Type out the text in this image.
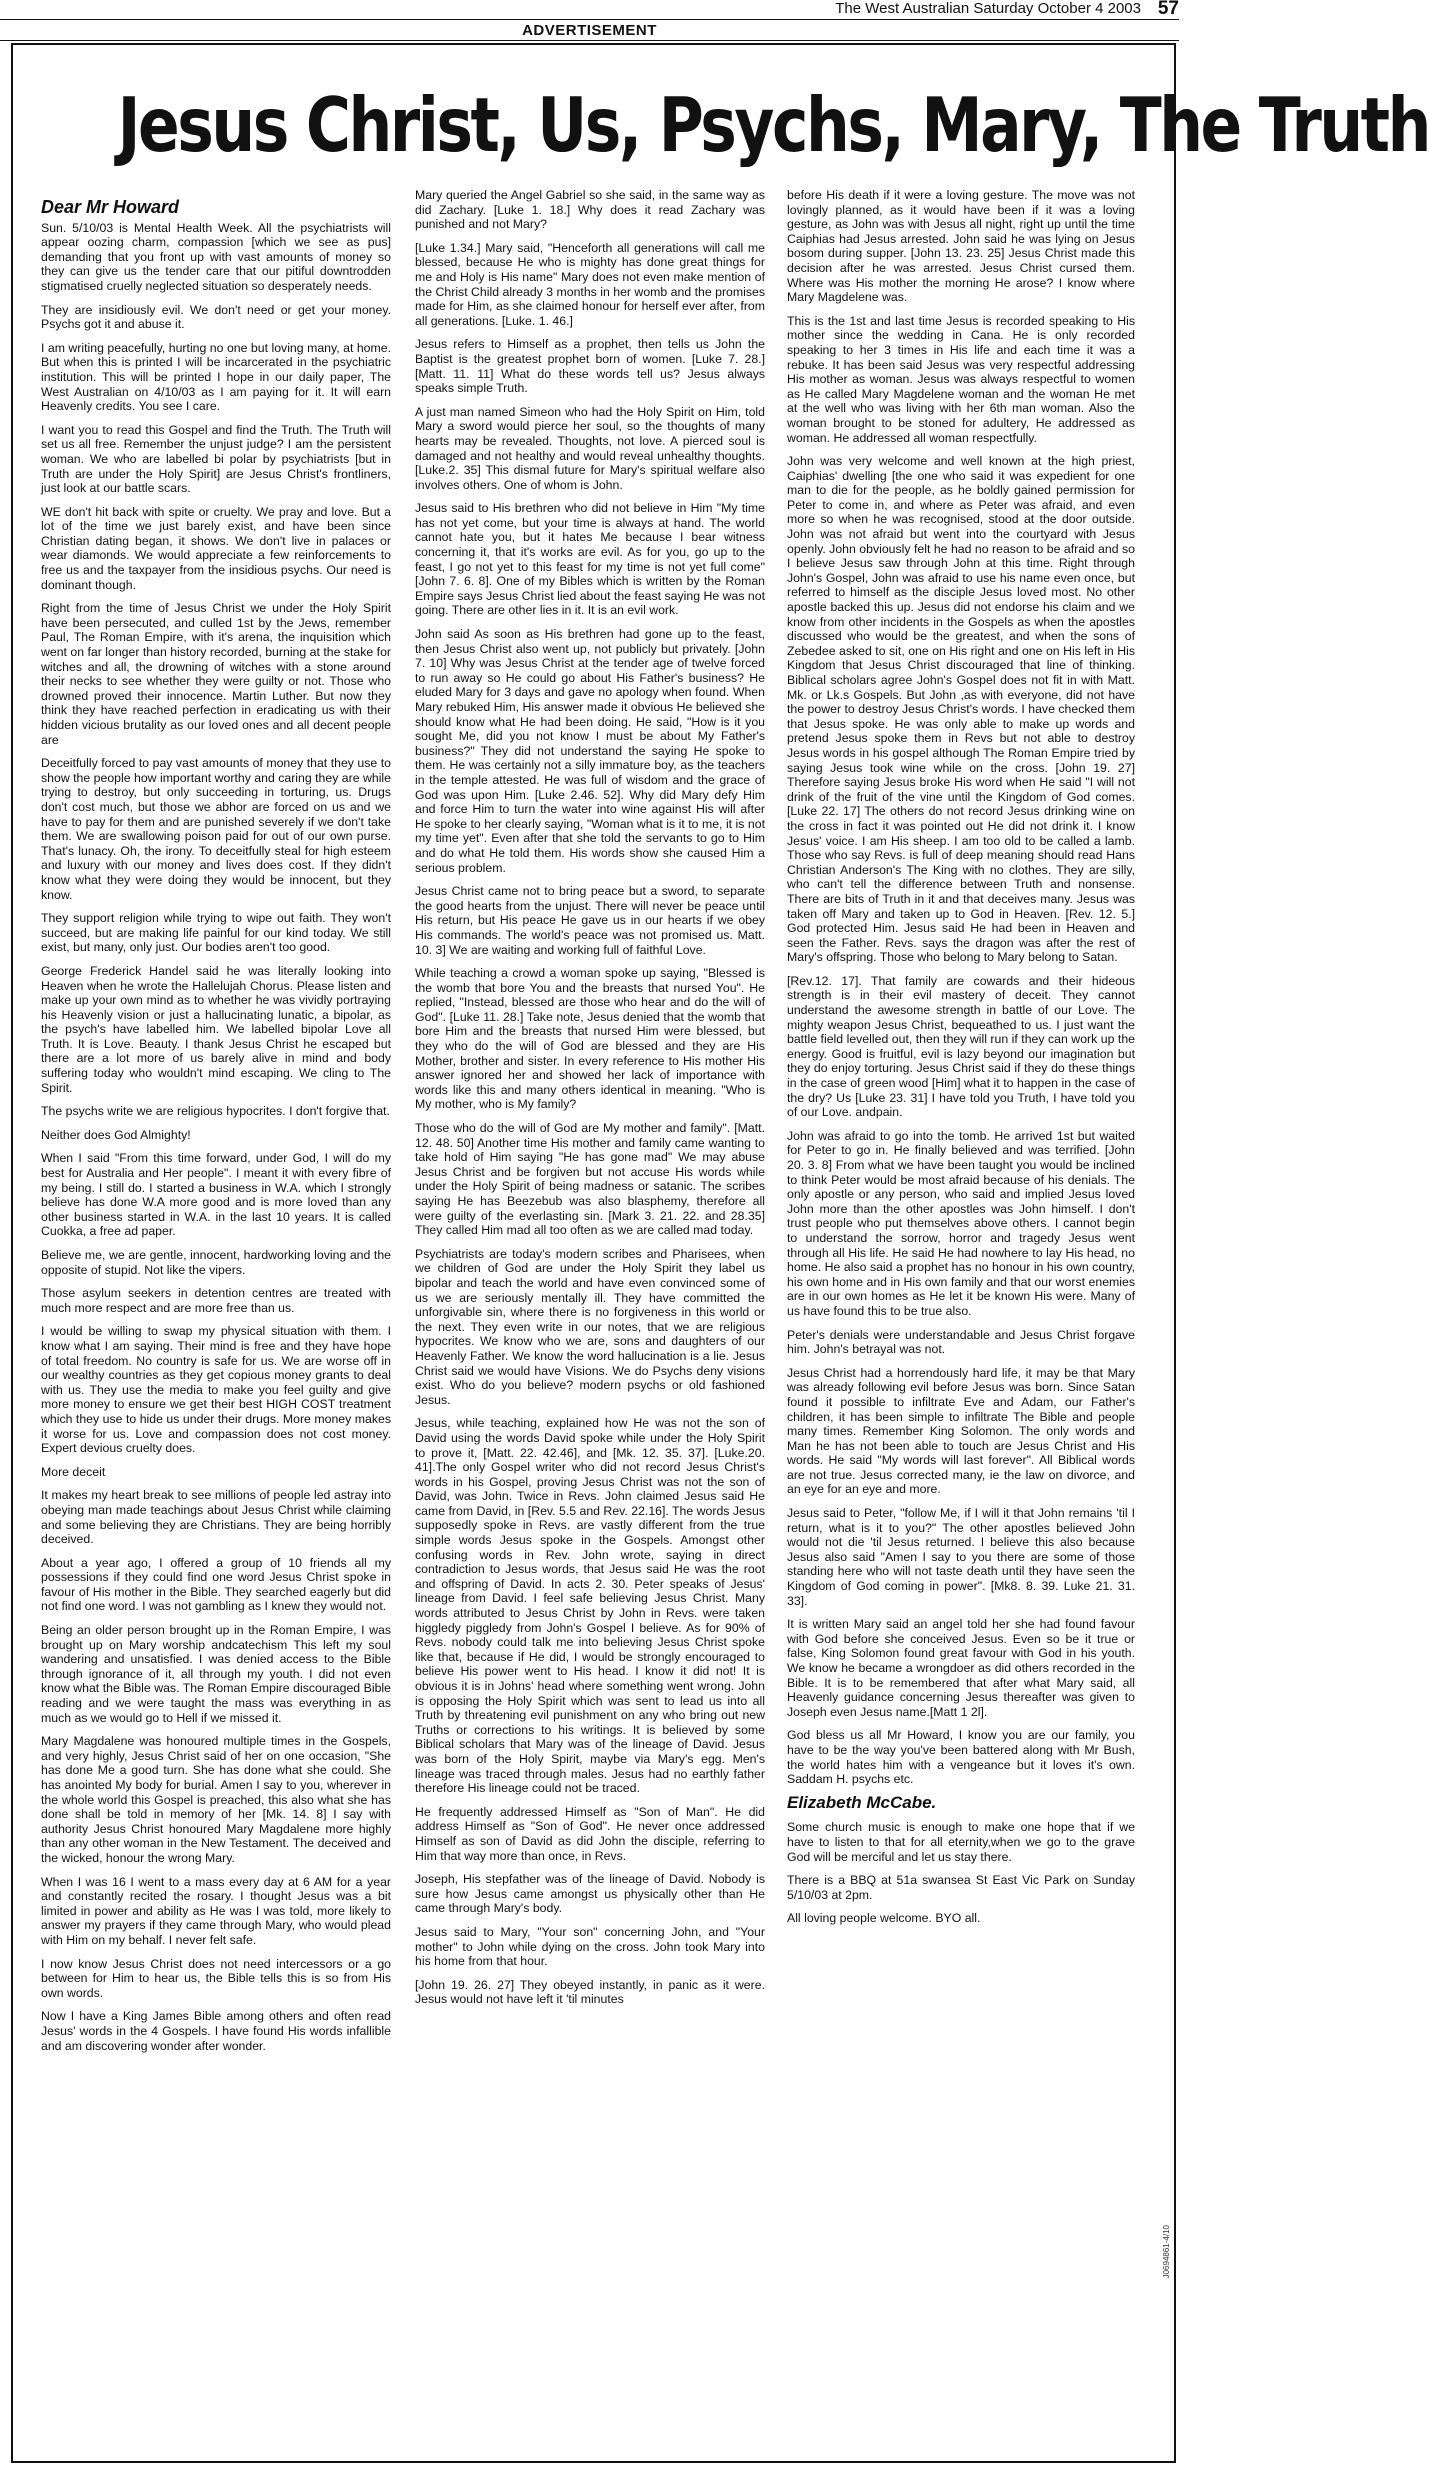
The West Australian Saturday October 4 2003 57
ADVERTISEMENT
Jesus Christ, Us, Psychs, Mary, The Truth
Dear Mr Howard

Sun. 5/10/03 is Mental Health Week. All the psychiatrists will appear oozing charm, compassion [which we see as pus] demanding that you front up with vast amounts of money so they can give us the tender care that our pitiful downtrodden stigmatised cruelly neglected situation so desperately needs.

They are insidiously evil. We don't need or get your money. Psychs got it and abuse it.

I am writing peacefully, hurting no one but loving many, at home. But when this is printed I will be incarcerated in the psychiatric institution. This will be printed I hope in our daily paper, The West Australian on 4/10/03 as I am paying for it. It will earn Heavenly credits. You see I care.

I want you to read this Gospel and find the Truth. The Truth will set us all free. Remember the unjust judge? I am the persistent woman. We who are labelled bi polar by psychiatrists [but in Truth are under the Holy Spirit] are Jesus Christ's frontliners, just look at our battle scars.

WE don't hit back with spite or cruelty. We pray and love. But a lot of the time we just barely exist, and have been since Christian dating began, it shows. We don't live in palaces or wear diamonds. We would appreciate a few reinforcements to free us and the taxpayer from the insidious psychs. Our need is dominant though.

Right from the time of Jesus Christ we under the Holy Spirit have been persecuted, and culled 1st by the Jews, remember Paul, The Roman Empire, with it's arena, the inquisition which went on far longer than history recorded, burning at the stake for witches and all, the drowning of witches with a stone around their necks to see whether they were guilty or not. Those who drowned proved their innocence. Martin Luther. But now they think they have reached perfection in eradicating us with their hidden vicious brutality as our loved ones and all decent people are

Deceitfully forced to pay vast amounts of money that they use to show the people how important worthy and caring they are while trying to destroy, but only succeeding in torturing, us. Drugs don't cost much, but those we abhor are forced on us and we have to pay for them and are punished severely if we don't take them. We are swallowing poison paid for out of our own purse. That's lunacy. Oh, the irony. To deceitfully steal for high esteem and luxury with our money and lives does cost. If they didn't know what they were doing they would be innocent, but they know.

They support religion while trying to wipe out faith. They won't succeed, but are making life painful for our kind today. We still exist, but many, only just. Our bodies aren't too good.

George Frederick Handel said he was literally looking into Heaven when he wrote the Hallelujah Chorus. Please listen and make up your own mind as to whether he was vividly portraying his Heavenly vision or just a hallucinating lunatic, a bipolar, as the psych's have labelled him. We labelled bipolar Love all Truth. It is Love. Beauty. I thank Jesus Christ he escaped but there are a lot more of us barely alive in mind and body suffering today who wouldn't mind escaping. We cling to The Spirit.

The psychs write we are religious hypocrites. I don't forgive that.

Neither does God Almighty!

When I said "From this time forward, under God, I will do my best for Australia and Her people". I meant it with every fibre of my being. I still do. I started a business in W.A. which I strongly believe has done W.A more good and is more loved than any other business started in W.A. in the last 10 years. It is called Cuokka, a free ad paper.

Believe me, we are gentle, innocent, hardworking loving and the opposite of stupid. Not like the vipers.

Those asylum seekers in detention centres are treated with much more respect and are more free than us.

I would be willing to swap my physical situation with them. I know what I am saying. Their mind is free and they have hope of total freedom. No country is safe for us. We are worse off in our wealthy countries as they get copious money grants to deal with us. They use the media to make you feel guilty and give more money to ensure we get their best HIGH COST treatment which they use to hide us under their drugs. More money makes it worse for us. Love and compassion does not cost money. Expert devious cruelty does.

More deceit

It makes my heart break to see millions of people led astray into obeying man made teachings about Jesus Christ while claiming and some believing they are Christians. They are being horribly deceived.

About a year ago, I offered a group of 10 friends all my possessions if they could find one word Jesus Christ spoke in favour of His mother in the Bible. They searched eagerly but did not find one word. I was not gambling as I knew they would not.

Being an older person brought up in the Roman Empire, I was brought up on Mary worship andcatechism This left my soul wandering and unsatisfied. I was denied access to the Bible through ignorance of it, all through my youth. I did not even know what the Bible was. The Roman Empire discouraged Bible reading and we were taught the mass was everything in as much as we would go to Hell if we missed it.

Mary Magdalene was honoured multiple times in the Gospels, and very highly, Jesus Christ said of her on one occasion, "She has done Me a good turn. She has done what she could. She has anointed My body for burial. Amen I say to you, wherever in the whole world this Gospel is preached, this also what she has done shall be told in memory of her [Mk. 14. 8] I say with authority Jesus Christ honoured Mary Magdalene more highly than any other woman in the New Testament. The deceived and the wicked, honour the wrong Mary.

When I was 16 I went to a mass every day at 6 AM for a year and constantly recited the rosary. I thought Jesus was a bit limited in power and ability as He was I was told, more likely to answer my prayers if they came through Mary, who would plead with Him on my behalf. I never felt safe.

I now know Jesus Christ does not need intercessors or a go between for Him to hear us, the Bible tells this is so from His own words.

Now I have a King James Bible among others and often read Jesus' words in the 4 Gospels. I have found His words infallible and am discovering wonder after wonder.

Mary queried the Angel Gabriel so she said, in the same way as did Zachary. [Luke 1. 18.] Why does it read Zachary was punished and not Mary?

[Luke 1.34.] Mary said, "Henceforth all generations will call me blessed, because He who is mighty has done great things for me and Holy is His name" Mary does not even make mention of the Christ Child already 3 months in her womb and the promises made for Him, as she claimed honour for herself ever after, from all generations. [Luke. 1. 46.]

Jesus refers to Himself as a prophet, then tells us John the Baptist is the greatest prophet born of women. [Luke 7. 28.] [Matt. 11. 11] What do these words tell us? Jesus always speaks simple Truth.

A just man named Simeon who had the Holy Spirit on Him, told Mary a sword would pierce her soul, so the thoughts of many hearts may be revealed. Thoughts, not love. A pierced soul is damaged and not healthy and would reveal unhealthy thoughts. [Luke.2. 35] This dismal future for Mary's spiritual welfare also involves others. One of whom is John.

Jesus said to His brethren who did not believe in Him "My time has not yet come, but your time is always at hand. The world cannot hate you, but it hates Me because I bear witness concerning it, that it's works are evil. As for you, go up to the feast, I go not yet to this feast for my time is not yet full come" [John 7. 6. 8]. One of my Bibles which is written by the Roman Empire says Jesus Christ lied about the feast saying He was not going. There are other lies in it. It is an evil work.

John said As soon as His brethren had gone up to the feast, then Jesus Christ also went up, not publicly but privately. [John 7. 10] Why was Jesus Christ at the tender age of twelve forced to run away so He could go about His Father's business? He eluded Mary for 3 days and gave no apology when found. When Mary rebuked Him, His answer made it obvious He believed she should know what He had been doing. He said, "How is it you sought Me, did you not know I must be about My Father's business?" They did not understand the saying He spoke to them. He was certainly not a silly immature boy, as the teachers in the temple attested. He was full of wisdom and the grace of God was upon Him. [Luke 2.46. 52]. Why did Mary defy Him and force Him to turn the water into wine against His will after He spoke to her clearly saying, "Woman what is it to me, it is not my time yet". Even after that she told the servants to go to Him and do what He told them. His words show she caused Him a serious problem.

Jesus Christ came not to bring peace but a sword, to separate the good hearts from the unjust. There will never be peace until His return, but His peace He gave us in our hearts if we obey His commands. The world's peace was not promised us. Matt. 10. 3] We are waiting and working full of faithful Love.

While teaching a crowd a woman spoke up saying, "Blessed is the womb that bore You and the breasts that nursed You". He replied, "Instead, blessed are those who hear and do the will of God". [Luke 11. 28.] Take note, Jesus denied that the womb that bore Him and the breasts that nursed Him were blessed, but they who do the will of God are blessed and they are His Mother, brother and sister. In every reference to His mother His answer ignored her and showed her lack of importance with words like this and many others identical in meaning. "Who is My mother, who is My family?

Those who do the will of God are My mother and family". [Matt. 12. 48. 50] Another time His mother and family came wanting to take hold of Him saying "He has gone mad" We may abuse Jesus Christ and be forgiven but not accuse His words while under the Holy Spirit of being madness or satanic. The scribes saying He has Beezebub was also blasphemy, therefore all were guilty of the everlasting sin. [Mark 3. 21. 22. and 28.35] They called Him mad all too often as we are called mad today.

Psychiatrists are today's modern scribes and Pharisees, when we children of God are under the Holy Spirit they label us bipolar and teach the world and have even convinced some of us we are seriously mentally ill. They have committed the unforgivable sin, where there is no forgiveness in this world or the next. They even write in our notes, that we are religious hypocrites. We know who we are, sons and daughters of our Heavenly Father. We know the word hallucination is a lie. Jesus Christ said we would have Visions. We do Psychs deny visions exist. Who do you believe? modern psychs or old fashioned Jesus.

Jesus, while teaching, explained how He was not the son of David using the words David spoke while under the Holy Spirit to prove it, [Matt. 22. 42.46], and [Mk. 12. 35. 37]. [Luke.20. 41].The only Gospel writer who did not record Jesus Christ's words in his Gospel, proving Jesus Christ was not the son of David, was John. Twice in Revs. John claimed Jesus said He came from David, in [Rev. 5.5 and Rev. 22.16]. The words Jesus supposedly spoke in Revs. are vastly different from the true simple words Jesus spoke in the Gospels. Amongst other confusing words in Rev. John wrote, saying in direct contradiction to Jesus words, that Jesus said He was the root and offspring of David. In acts 2. 30. Peter speaks of Jesus' lineage from David. I feel safe believing Jesus Christ. Many words attributed to Jesus Christ by John in Revs. were taken higgledy piggledy from John's Gospel I believe. As for 90% of Revs. nobody could talk me into believing Jesus Christ spoke like that, because if He did, I would be strongly encouraged to believe His power went to His head. I know it did not! It is obvious it is in Johns' head where something went wrong. John is opposing the Holy Spirit which was sent to lead us into all Truth by threatening evil punishment on any who bring out new Truths or corrections to his writings. It is believed by some Biblical scholars that Mary was of the lineage of David. Jesus was born of the Holy Spirit, maybe via Mary's egg. Men's lineage was traced through males. Jesus had no earthly father therefore His lineage could not be traced.

He frequently addressed Himself as "Son of Man". He did address Himself as "Son of God". He never once addressed Himself as son of David as did John the disciple, referring to Him that way more than once, in Revs.

Joseph, His stepfather was of the lineage of David. Nobody is sure how Jesus came amongst us physically other than He came through Mary's body.

Jesus said to Mary, "Your son" concerning John, and "Your mother" to John while dying on the cross. John took Mary into his home from that hour.

[John 19. 26. 27] They obeyed instantly, in panic as it were. Jesus would not have left it 'til minutes

before His death if it were a loving gesture. The move was not lovingly planned, as it would have been if it was a loving gesture, as John was with Jesus all night, right up until the time Caiphias had Jesus arrested. John said he was lying on Jesus bosom during supper. [John 13. 23. 25] Jesus Christ made this decision after he was arrested. Jesus Christ cursed them. Where was His mother the morning He arose? I know where Mary Magdelene was.

This is the 1st and last time Jesus is recorded speaking to His mother since the wedding in Cana. He is only recorded speaking to her 3 times in His life and each time it was a rebuke. It has been said Jesus was very respectful addressing His mother as woman. Jesus was always respectful to women as He called Mary Magdelene woman and the woman He met at the well who was living with her 6th man woman. Also the woman brought to be stoned for adultery, He addressed as woman. He addressed all woman respectfully.

John was very welcome and well known at the high priest, Caiphias' dwelling [the one who said it was expedient for one man to die for the people, as he boldly gained permission for Peter to come in, and where as Peter was afraid, and even more so when he was recognised, stood at the door outside. John was not afraid but went into the courtyard with Jesus openly. John obviously felt he had no reason to be afraid and so I believe Jesus saw through John at this time. Right through John's Gospel, John was afraid to use his name even once, but referred to himself as the disciple Jesus loved most. No other apostle backed this up. Jesus did not endorse his claim and we know from other incidents in the Gospels as when the apostles discussed who would be the greatest, and when the sons of Zebedee asked to sit, one on His right and one on His left in His Kingdom that Jesus Christ discouraged that line of thinking. Biblical scholars agree John's Gospel does not fit in with Matt. Mk. or Lk.s Gospels. But John ,as with everyone, did not have the power to destroy Jesus Christ's words. I have checked them that Jesus spoke. He was only able to make up words and pretend Jesus spoke them in Revs but not able to destroy Jesus words in his gospel although The Roman Empire tried by saying Jesus took wine while on the cross. [John 19. 27] Therefore saying Jesus broke His word when He said "I will not drink of the fruit of the vine until the Kingdom of God comes. [Luke 22. 17] The others do not record Jesus drinking wine on the cross in fact it was pointed out He did not drink it. I know Jesus' voice. I am His sheep. I am too old to be called a lamb. Those who say Revs. is full of deep meaning should read Hans Christian Anderson's The King with no clothes. They are silly, who can't tell the difference between Truth and nonsense. There are bits of Truth in it and that deceives many. Jesus was taken off Mary and taken up to God in Heaven. [Rev. 12. 5.] God protected Him. Jesus said He had been in Heaven and seen the Father. Revs. says the dragon was after the rest of Mary's offspring. Those who belong to Mary belong to Satan.

[Rev.12. 17]. That family are cowards and their hideous strength is in their evil mastery of deceit. They cannot understand the awesome strength in battle of our Love. The mighty weapon Jesus Christ, bequeathed to us. I just want the battle field levelled out, then they will run if they can work up the energy. Good is fruitful, evil is lazy beyond our imagination but they do enjoy torturing. Jesus Christ said if they do these things in the case of green wood [Him] what it to happen in the case of the dry? Us [Luke 23. 31] I have told you Truth, I have told you of our Love. andpain.

John was afraid to go into the tomb. He arrived 1st but waited for Peter to go in. He finally believed and was terrified. [John 20. 3. 8] From what we have been taught you would be inclined to think Peter would be most afraid because of his denials. The only apostle or any person, who said and implied Jesus loved John more than the other apostles was John himself. I don't trust people who put themselves above others. I cannot begin to understand the sorrow, horror and tragedy Jesus went through all His life. He said He had nowhere to lay His head, no home. He also said a prophet has no honour in his own country, his own home and in His own family and that our worst enemies are in our own homes as He let it be known His were. Many of us have found this to be true also.

Peter's denials were understandable and Jesus Christ forgave him. John's betrayal was not.

Jesus Christ had a horrendously hard life, it may be that Mary was already following evil before Jesus was born. Since Satan found it possible to infiltrate Eve and Adam, our Father's children, it has been simple to infiltrate The Bible and people many times. Remember King Solomon. The only words and Man he has not been able to touch are Jesus Christ and His words. He said "My words will last forever". All Biblical words are not true. Jesus corrected many, ie the law on divorce, and an eye for an eye and more.

Jesus said to Peter, "follow Me, if I will it that John remains 'til I return, what is it to you?" The other apostles believed John would not die 'til Jesus returned. I believe this also because Jesus also said "Amen I say to you there are some of those standing here who will not taste death until they have seen the Kingdom of God coming in power". [Mk8. 8. 39. Luke 21. 31. 33].

It is written Mary said an angel told her she had found favour with God before she conceived Jesus. Even so be it true or false, King Solomon found great favour with God in his youth. We know he became a wrongdoer as did others recorded in the Bible. It is to be remembered that after what Mary said, all Heavenly guidance concerning Jesus thereafter was given to Joseph even Jesus name.[Matt 1 2l].

God bless us all Mr Howard, I know you are our family, you have to be the way you've been battered along with Mr Bush, the world hates him with a vengeance but it loves it's own. Saddam H. psychs etc.

Elizabeth McCabe.

Some church music is enough to make one hope that if we have to listen to that for all eternity,when we go to the grave God will be merciful and let us stay there.

There is a BBQ at 51a swansea St East Vic Park on Sunday 5/10/03 at 2pm.

All loving people welcome. BYO all.

J0694861-4/10
